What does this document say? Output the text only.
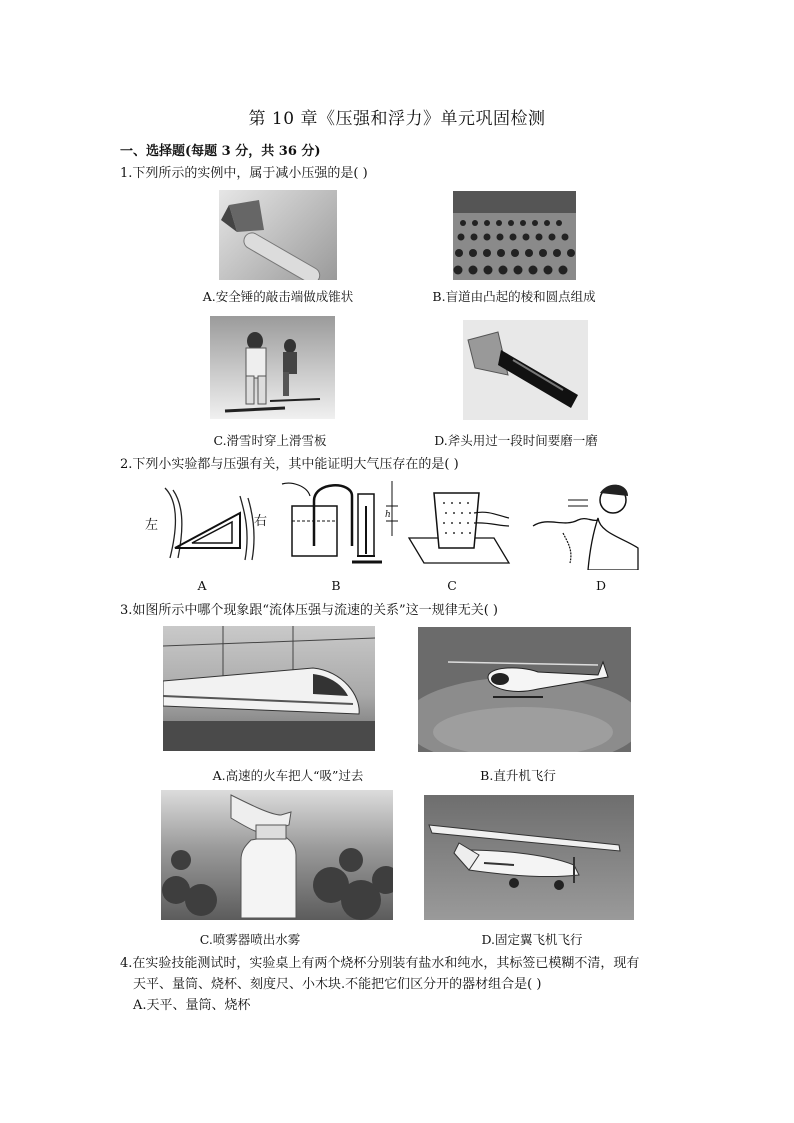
第 10 章《压强和浮力》单元巩固检测
一、选择题(每题 3 分，共 36 分)
1.下列所示的实例中，属于减小压强的是( )
A.安全锤的敲击端做成锥状	B.盲道由凸起的棱和圆点组成
C.滑雪时穿上滑雪板	D.斧头用过一段时间要磨一磨
2.下列小实验都与压强有关，其中能证明大气压存在的是( )
左	右	h
A	B	C	D
3.如图所示中哪个现象跟“流体压强与流速的关系”这一规律无关( )
A.高速的火车把人“吸”过去	B.直升机飞行
C.喷雾器喷出水雾	D.固定翼飞机飞行
4.在实验技能测试时，实验桌上有两个烧杯分别装有盐水和纯水，其标签已模糊不清，现有
天平、量筒、烧杯、刻度尺、小木块.不能把它们区分开的器材组合是( )
A.天平、量筒、烧杯
